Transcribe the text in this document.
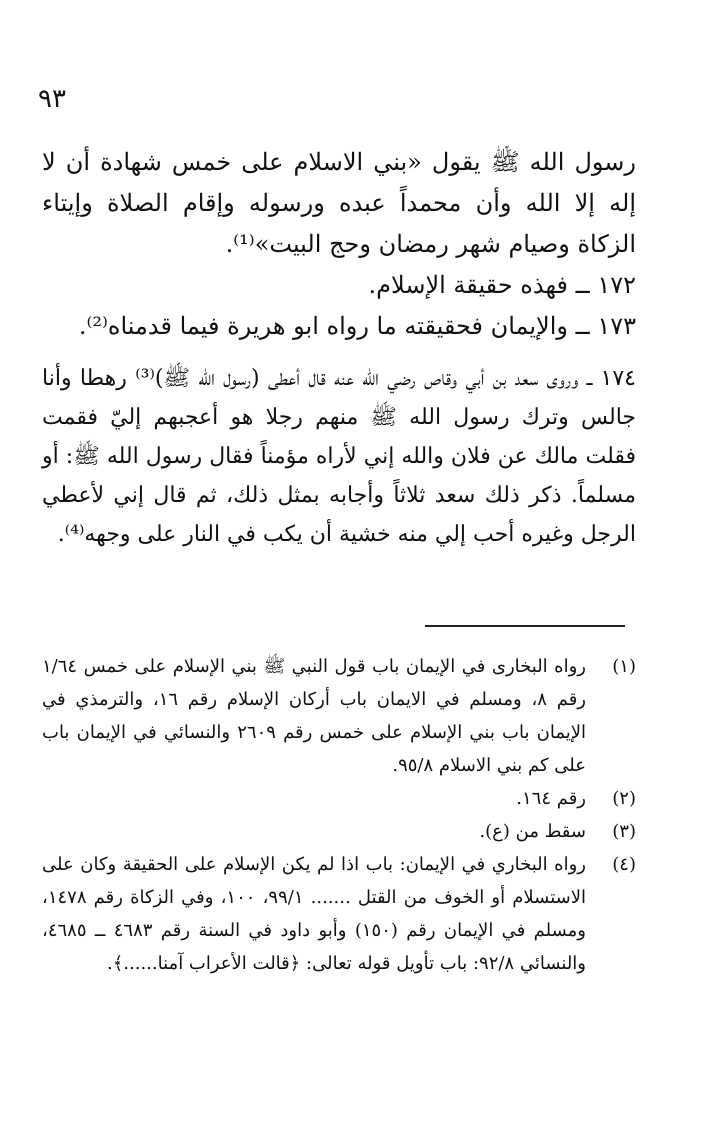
٩٣

رسول الله ﷺ يقول «بني الاسلام على خمس شهادة أن لا إله إلا الله وأن محمداً عبده ورسوله وإقام الصلاة وإيتاء الزكاة وصيام شهر رمضان وحج البيت»⁽¹⁾.

١٧٢ ــ فهذه حقيقة الإسلام.

١٧٣ ــ والإيمان فحقيقته ما رواه ابو هريرة فيما قدمناه⁽²⁾.

١٧٤ ــ وروى سعد بن أبي وقاص رضي الله عنه قال أعطى (رسول الله ﷺ)⁽³⁾ رهطا وأنا جالس وترك رسول الله ﷺ منهم رجلا هو أعجبهم إليّ فقمت فقلت مالك عن فلان والله إني لأراه مؤمناً فقال رسول الله ﷺ: أو مسلماً. ذكر ذلك سعد ثلاثاً وأجابه بمثل ذلك، ثم قال إني لأعطي الرجل وغيره أحب إلي منه خشية أن يكب في النار على وجهه⁽⁴⁾.

(١)
رواه البخارى في الإيمان باب قول النبي ﷺ بني الإسلام على خمس ١/٦٤ رقم ٨، ومسلم في الايمان باب أركان الإسلام رقم ١٦، والترمذي في الإيمان باب بني الإسلام على خمس رقم ٢٦٠٩ والنسائي في الإيمان باب على كم بني الاسلام ٩٥/٨.
(٢)
رقم ١٦٤.
(٣)
سقط من (ع).
(٤)
رواه البخاري في الإيمان: باب اذا لم يكن الإسلام على الحقيقة وكان على الاستسلام أو الخوف من القتل ....... ٩٩/١، ١٠٠، وفي الزكاة رقم ١٤٧٨، ومسلم في الإيمان رقم (١٥٠) وأبو داود في السنة رقم ٤٦٨٣ ــ ٤٦٨٥، والنسائي ٩٢/٨: باب تأويل قوله تعالى: ﴿قالت الأعراب آمنا......﴾.
